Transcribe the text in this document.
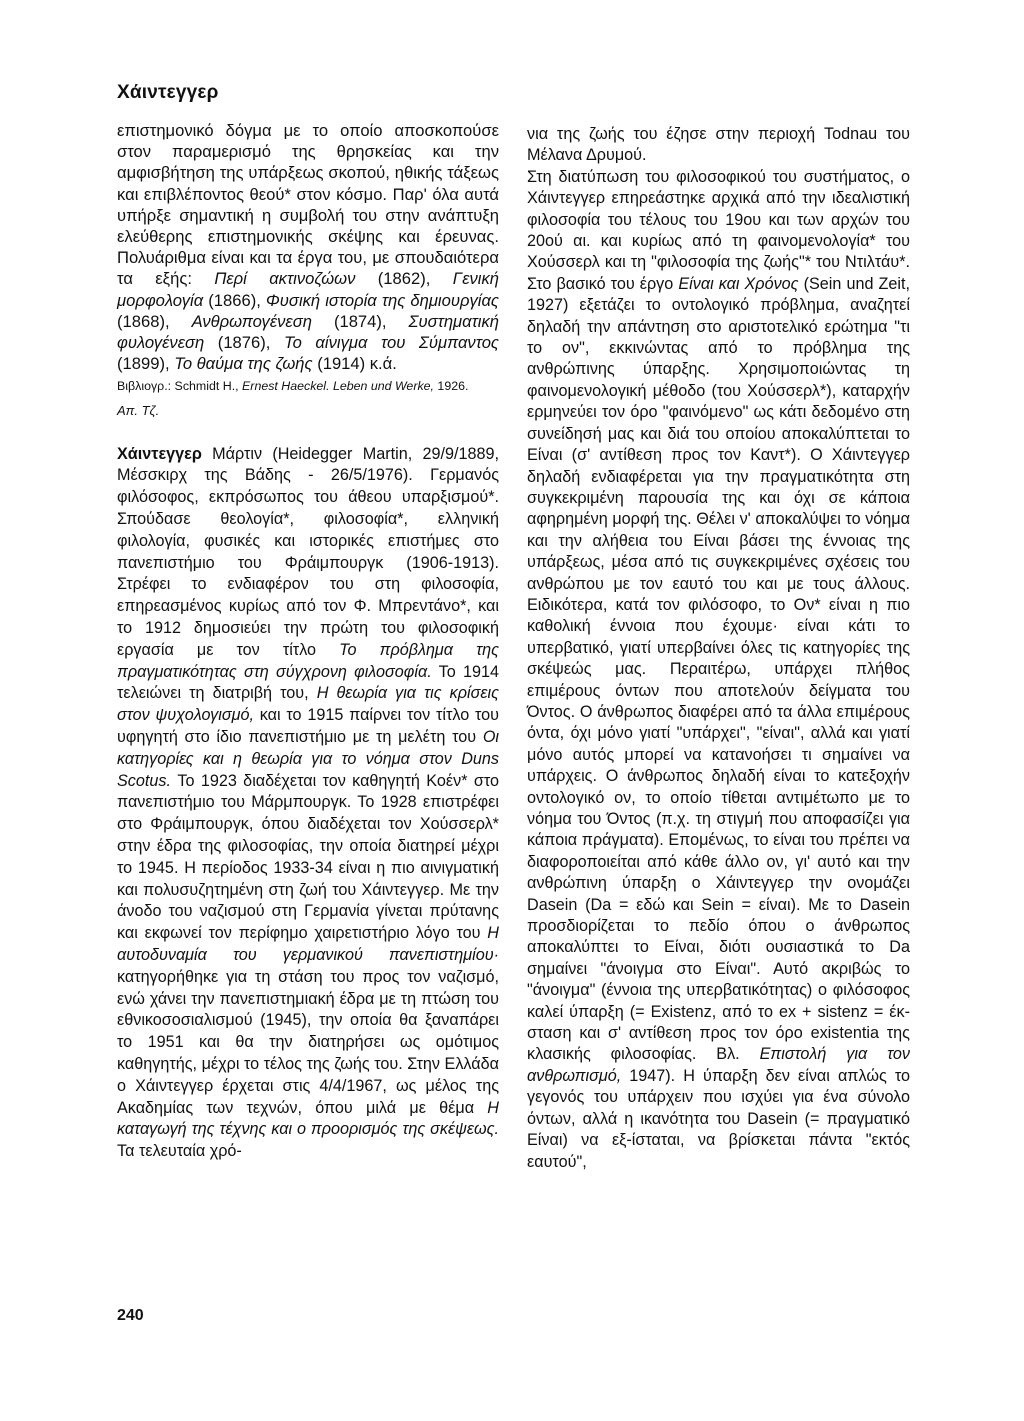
Χάιντεγγερ

επιστημονικό δόγμα με το οποίο αποσκοπούσε στον παραμερισμό της θρησκείας και την αμφισβήτηση της υπάρξεως σκοπού, ηθικής τάξεως και επιβλέποντος θεού* στον κόσμο. Παρ' όλα αυτά υπήρξε σημαντική η συμβολή του στην ανάπτυξη ελεύθερης επιστημονικής σκέψης και έρευνας. Πολυάριθμα είναι και τα έργα του, με σπουδαιότερα τα εξής: Περί ακτινοζώων (1862), Γενική μορφολογία (1866), Φυσική ιστορία της δημιουργίας (1868), Ανθρωπογένεση (1874), Συστηματική φυλογένεση (1876), Το αίνιγμα του Σύμπαντος (1899), Το θαύμα της ζωής (1914) κ.ά.

Βιβλιογρ.: Schmidt H., Ernest Haeckel. Leben und Werke, 1926.

Απ. Τζ.

Χάιντεγγερ Μάρτιν (Heidegger Martin, 29/9/1889, Μέσσκιρχ της Βάδης - 26/5/1976). Γερμανός φιλόσοφος, εκπρόσωπος του άθεου υπαρξισμού*. Σπούδασε θεολογία*, φιλοσοφία*, ελληνική φιλολογία, φυσικές και ιστορικές επιστήμες στο πανεπιστήμιο του Φράιμπουργκ (1906-1913). Στρέφει το ενδιαφέρον του στη φιλοσοφία, επηρεασμένος κυρίως από τον Φ. Μπρεντάνο*, και το 1912 δημοσιεύει την πρώτη του φιλοσοφική εργασία με τον τίτλο Το πρόβλημα της πραγματικότητας στη σύγχρονη φιλοσοφία. Το 1914 τελειώνει τη διατριβή του, Η θεωρία για τις κρίσεις στον ψυχολογισμό, και το 1915 παίρνει τον τίτλο του υφηγητή στο ίδιο πανεπιστήμιο με τη μελέτη του Οι κατηγορίες και η θεωρία για το νόημα στον Duns Scotus. Το 1923 διαδέχεται τον καθηγητή Κοέν* στο πανεπιστήμιο του Μάρμπουργκ. Το 1928 επιστρέφει στο Φράιμπουργκ, όπου διαδέχεται τον Χούσσερλ* στην έδρα της φιλοσοφίας, την οποία διατηρεί μέχρι το 1945. Η περίοδος 1933-34 είναι η πιο αινιγματική και πολυσυζητημένη στη ζωή του Χάιντεγγερ. Με την άνοδο του ναζισμού στη Γερμανία γίνεται πρύτανης και εκφωνεί τον περίφημο χαιρετιστήριο λόγο του Η αυτοδυναμία του γερμανικού πανεπιστημίου· κατηγορήθηκε για τη στάση του προς τον ναζισμό, ενώ χάνει την πανεπιστημιακή έδρα με τη πτώση του εθνικοσοσιαλισμού (1945), την οποία θα ξαναπάρει το 1951 και θα την διατηρήσει ως ομότιμος καθηγητής, μέχρι το τέλος της ζωής του. Στην Ελλάδα ο Χάιντεγγερ έρχεται στις 4/4/1967, ως μέλος της Ακαδημίας των τεχνών, όπου μιλά με θέμα Η καταγωγή της τέχνης και ο προορισμός της σκέψεως. Τα τελευταία χρό-

νια της ζωής του έζησε στην περιοχή Todnau του Μέλανα Δρυμού.

Στη διατύπωση του φιλοσοφικού του συστήματος, ο Χάιντεγγερ επηρεάστηκε αρχικά από την ιδεαλιστική φιλοσοφία του τέλους του 19ου και των αρχών του 20ού αι. και κυρίως από τη φαινομενολογία* του Χούσσερλ και τη "φιλοσοφία της ζωής"* του Ντιλτάυ*. Στο βασικό του έργο Είναι και Χρόνος (Sein und Zeit, 1927) εξετάζει το οντολογικό πρόβλημα, αναζητεί δηλαδή την απάντηση στο αριστοτελικό ερώτημα "τι το ον", εκκινώντας από το πρόβλημα της ανθρώπινης ύπαρξης. Χρησιμοποιώντας τη φαινομενολογική μέθοδο (του Χούσσερλ*), καταρχήν ερμηνεύει τον όρο "φαινόμενο" ως κάτι δεδομένο στη συνείδησή μας και διά του οποίου αποκαλύπτεται το Είναι (σ' αντίθεση προς τον Καντ*). Ο Χάιντεγγερ δηλαδή ενδιαφέρεται για την πραγματικότητα στη συγκεκριμένη παρουσία της και όχι σε κάποια αφηρημένη μορφή της. Θέλει ν' αποκαλύψει το νόημα και την αλήθεια του Είναι βάσει της έννοιας της υπάρξεως, μέσα από τις συγκεκριμένες σχέσεις του ανθρώπου με τον εαυτό του και με τους άλλους. Ειδικότερα, κατά τον φιλόσοφο, το Ον* είναι η πιο καθολική έννοια που έχουμε· είναι κάτι το υπερβατικό, γιατί υπερβαίνει όλες τις κατηγορίες της σκέψεώς μας. Περαιτέρω, υπάρχει πλήθος επιμέρους όντων που αποτελούν δείγματα του Όντος. Ο άνθρωπος διαφέρει από τα άλλα επιμέρους όντα, όχι μόνο γιατί "υπάρχει", "είναι", αλλά και γιατί μόνο αυτός μπορεί να κατανοήσει τι σημαίνει να υπάρχεις. Ο άνθρωπος δηλαδή είναι το κατεξοχήν οντολογικό ον, το οποίο τίθεται αντιμέτωπο με το νόημα του Όντος (π.χ. τη στιγμή που αποφασίζει για κάποια πράγματα). Επομένως, το είναι του πρέπει να διαφοροποιείται από κάθε άλλο ον, γι' αυτό και την ανθρώπινη ύπαρξη ο Χάιντεγγερ την ονομάζει Dasein (Da = εδώ και Sein = είναι). Με το Dasein προσδιορίζεται το πεδίο όπου ο άνθρωπος αποκαλύπτει το Είναι, διότι ουσιαστικά το Da σημαίνει "άνοιγμα στο Είναι". Αυτό ακριβώς το "άνοιγμα" (έννοια της υπερβατικότητας) ο φιλόσοφος καλεί ύπαρξη (= Existenz, από το ex + sistenz = έκ-σταση και σ' αντίθεση προς τον όρο existentia της κλασικής φιλοσοφίας. Βλ. Επιστολή για τον ανθρωπισμό, 1947). Η ύπαρξη δεν είναι απλώς το γεγονός του υπάρχειν που ισχύει για ένα σύνολο όντων, αλλά η ικανότητα του Dasein (= πραγματικό Είναι) να εξ-ίσταται, να βρίσκεται πάντα "εκτός εαυτού",

240
